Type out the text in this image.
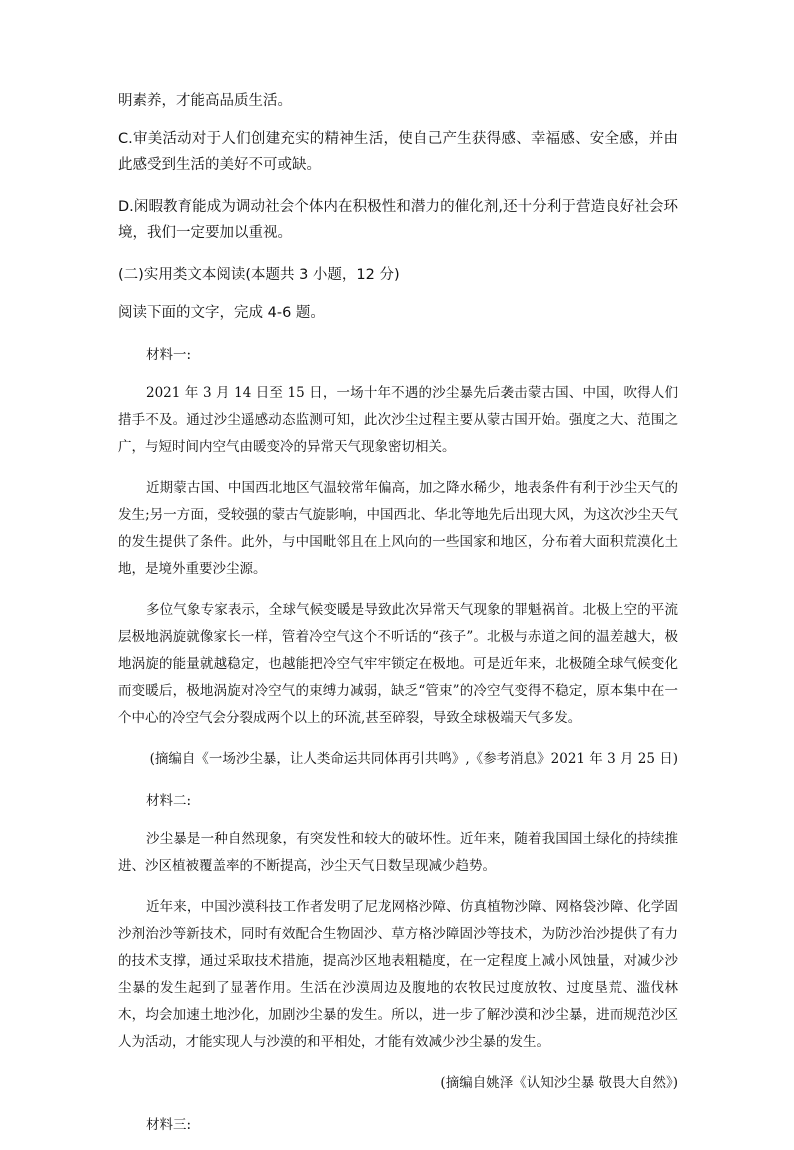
明素养，才能高品质生活。

C.审美活动对于人们创建充实的精神生活，使自己产生获得感、幸福感、安全感，并由此感受到生活的美好不可或缺。

D.闲暇教育能成为调动社会个体内在积极性和潜力的催化剂,还十分利于营造良好社会环境，我们一定要加以重视。

(二)实用类文本阅读(本题共 3 小题，12 分)

阅读下面的文字，完成 4-6 题。

材料一:

2021 年 3 月 14 日至 15 日，一场十年不遇的沙尘暴先后袭击蒙古国、中国，吹得人们措手不及。通过沙尘遥感动态监测可知，此次沙尘过程主要从蒙古国开始。强度之大、范围之广，与短时间内空气由暖变冷的异常天气现象密切相关。

近期蒙古国、中国西北地区气温较常年偏高，加之降水稀少，地表条件有利于沙尘天气的发生;另一方面，受较强的蒙古气旋影响，中国西北、华北等地先后出现大风，为这次沙尘天气的发生提供了条件。此外，与中国毗邻且在上风向的一些国家和地区，分布着大面积荒漠化土地，是境外重要沙尘源。

多位气象专家表示，全球气候变暖是导致此次异常天气现象的罪魁祸首。北极上空的平流层极地涡旋就像家长一样，管着冷空气这个不听话的“孩子”。北极与赤道之间的温差越大，极地涡旋的能量就越稳定，也越能把冷空气牢牢锁定在极地。可是近年来，北极随全球气候变化而变暖后，极地涡旋对冷空气的束缚力减弱，缺乏“管束”的冷空气变得不稳定，原本集中在一个中心的冷空气会分裂成两个以上的环流,甚至碎裂，导致全球极端天气多发。

(摘编自《一场沙尘暴，让人类命运共同体再引共鸣》,《参考消息》2021 年 3 月 25 日)
材料二:

沙尘暴是一种自然现象，有突发性和较大的破坏性。近年来，随着我国国土绿化的持续推进、沙区植被覆盖率的不断提高，沙尘天气日数呈现减少趋势。

近年来，中国沙漠科技工作者发明了尼龙网格沙障、仿真植物沙障、网格袋沙障、化学固沙剂治沙等新技术，同时有效配合生物固沙、草方格沙障固沙等技术，为防沙治沙提供了有力的技术支撑，通过采取技术措施，提高沙区地表粗糙度，在一定程度上减小风蚀量，对减少沙尘暴的发生起到了显著作用。生活在沙漠周边及腹地的农牧民过度放牧、过度垦荒、滥伐林木，均会加速土地沙化，加剧沙尘暴的发生。所以，进一步了解沙漠和沙尘暴，进而规范沙区人为活动，才能实现人与沙漠的和平相处，才能有效减少沙尘暴的发生。

(摘编自姚泽《认知沙尘暴 敬畏大自然》)
材料三:
